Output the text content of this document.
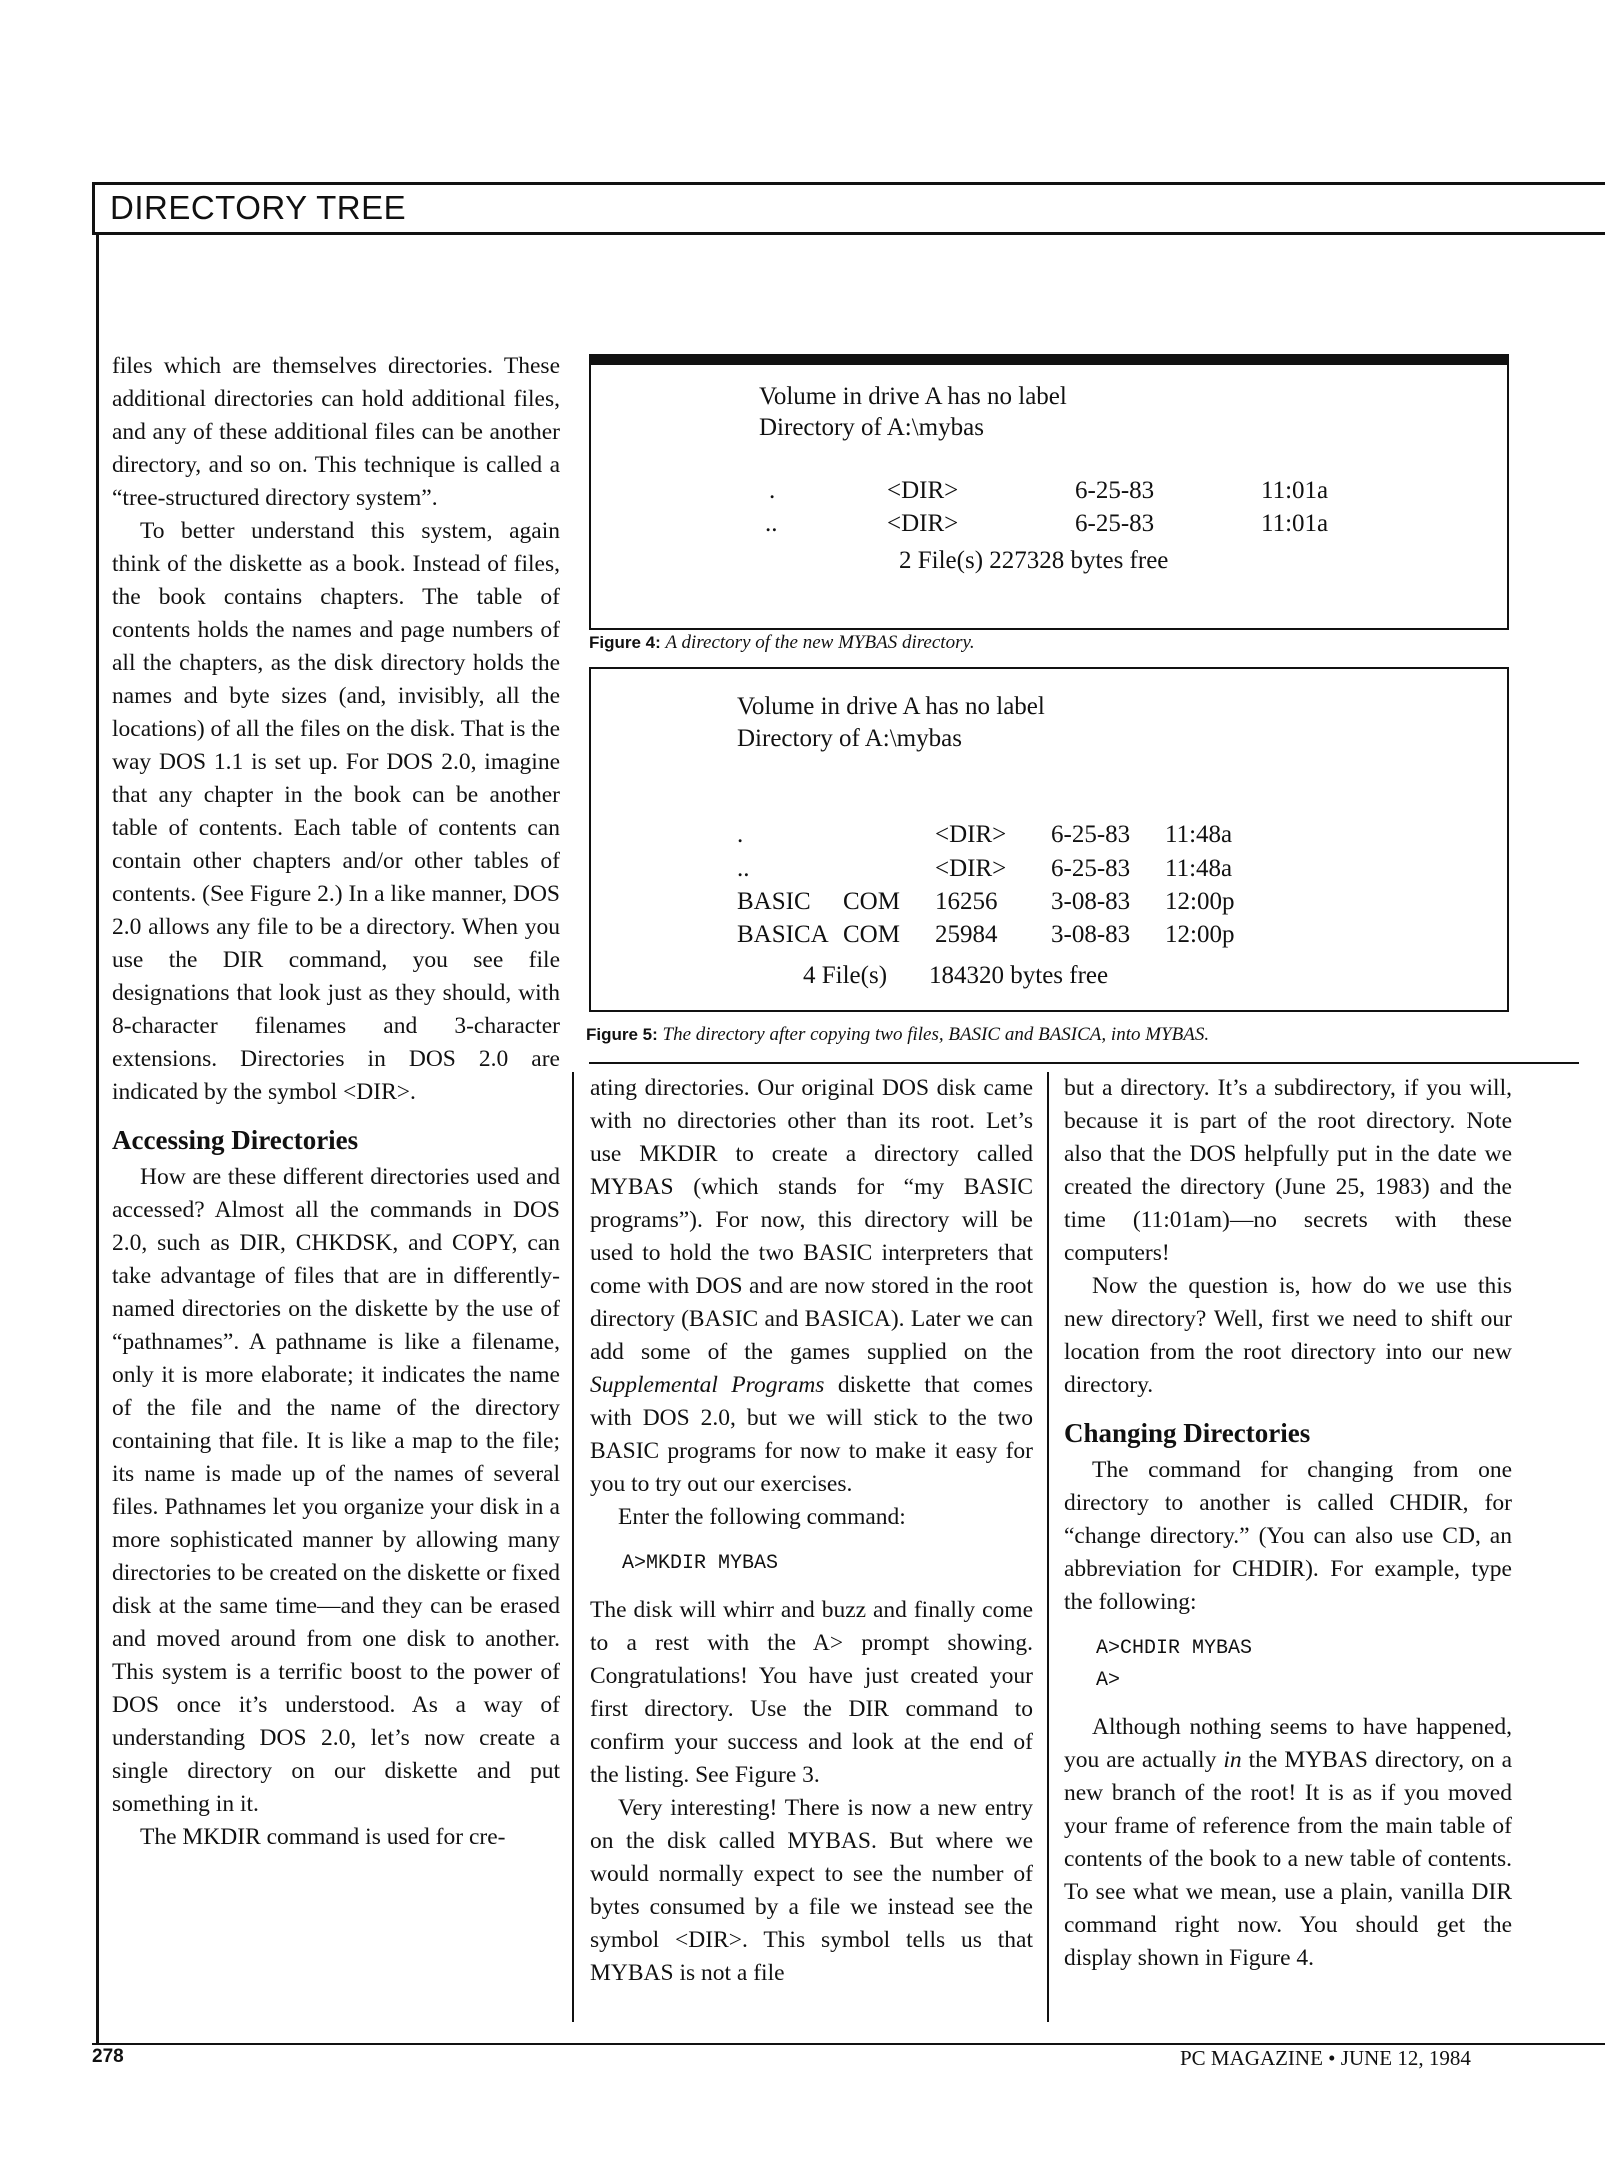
DIRECTORY TREE

files which are themselves directories. These additional directories can hold additional files, and any of these additional files can be another directory, and so on. This technique is called a “tree-structured directory system”.

To better understand this system, again think of the diskette as a book. Instead of files, the book contains chapters. The table of contents holds the names and page numbers of all the chapters, as the disk directory holds the names and byte sizes (and, invisibly, all the locations) of all the files on the disk. That is the way DOS 1.1 is set up. For DOS 2.0, imagine that any chapter in the book can be another table of contents. Each table of contents can contain other chapters and/or other tables of contents. (See Figure 2.) In a like manner, DOS 2.0 allows any file to be a directory. When you use the DIR command, you see file designations that look just as they should, with 8-character filenames and 3-character extensions. Directories in DOS 2.0 are indicated by the symbol <DIR>.

Accessing Directories

How are these different directories used and accessed? Almost all the commands in DOS 2.0, such as DIR, CHKDSK, and COPY, can take advantage of files that are in differently-named directories on the diskette by the use of “pathnames”. A pathname is like a filename, only it is more elaborate; it indicates the name of the file and the name of the directory containing that file. It is like a map to the file; its name is made up of the names of several files. Pathnames let you organize your disk in a more sophisticated manner by allowing many directories to be created on the diskette or fixed disk at the same time—and they can be erased and moved around from one disk to another. This system is a terrific boost to the power of DOS once it’s understood. As a way of understanding DOS 2.0, let’s now create a single directory on our diskette and put something in it.

The MKDIR command is used for cre-

Volume in drive A has no label
Directory of A:\mybas
.	<DIR>	6-25-83	11:01a
..	<DIR>	6-25-83	11:01a
2 File(s) 227328 bytes free
Figure 4: A directory of the new MYBAS directory.
Volume in drive A has no label
Directory of A:\mybas
.	<DIR> 6-25-83 11:48a
..	<DIR> 6-25-83 11:48a
BASIC COM 16256 3-08-83 12:00p
BASICA COM 25984 3-08-83 12:00p
4 File(s) 184320 bytes free
Figure 5: The directory after copying two files, BASIC and BASICA, into MYBAS.

ating directories. Our original DOS disk came with no directories other than its root. Let’s use MKDIR to create a directory called MYBAS (which stands for “my BASIC programs”). For now, this directory will be used to hold the two BASIC interpreters that come with DOS and are now stored in the root directory (BASIC and BASICA). Later we can add some of the games supplied on the Supplemental Programs diskette that comes with DOS 2.0, but we will stick to the two BASIC programs for now to make it easy for you to try out our exercises.

Enter the following command:

A>MKDIR MYBAS

The disk will whirr and buzz and finally come to a rest with the A> prompt showing. Congratulations! You have just created your first directory. Use the DIR command to confirm your success and look at the end of the listing. See Figure 3.

Very interesting! There is now a new entry on the disk called MYBAS. But where we would normally expect to see the number of bytes consumed by a file we instead see the symbol <DIR>. This symbol tells us that MYBAS is not a file

but a directory. It’s a subdirectory, if you will, because it is part of the root directory. Note also that the DOS helpfully put in the date we created the directory (June 25, 1983) and the time (11:01am)—no secrets with these computers!

Now the question is, how do we use this new directory? Well, first we need to shift our location from the root directory into our new directory.

Changing Directories

The command for changing from one directory to another is called CHDIR, for “change directory.” (You can also use CD, an abbreviation for CHDIR). For example, type the following:

A>CHDIR MYBAS
A>

Although nothing seems to have happened, you are actually in the MYBAS directory, on a new branch of the root! It is as if you moved your frame of reference from the main table of contents of the book to a new table of contents. To see what we mean, use a plain, vanilla DIR command right now. You should get the display shown in Figure 4.

278	PC MAGAZINE • JUNE 12, 1984
